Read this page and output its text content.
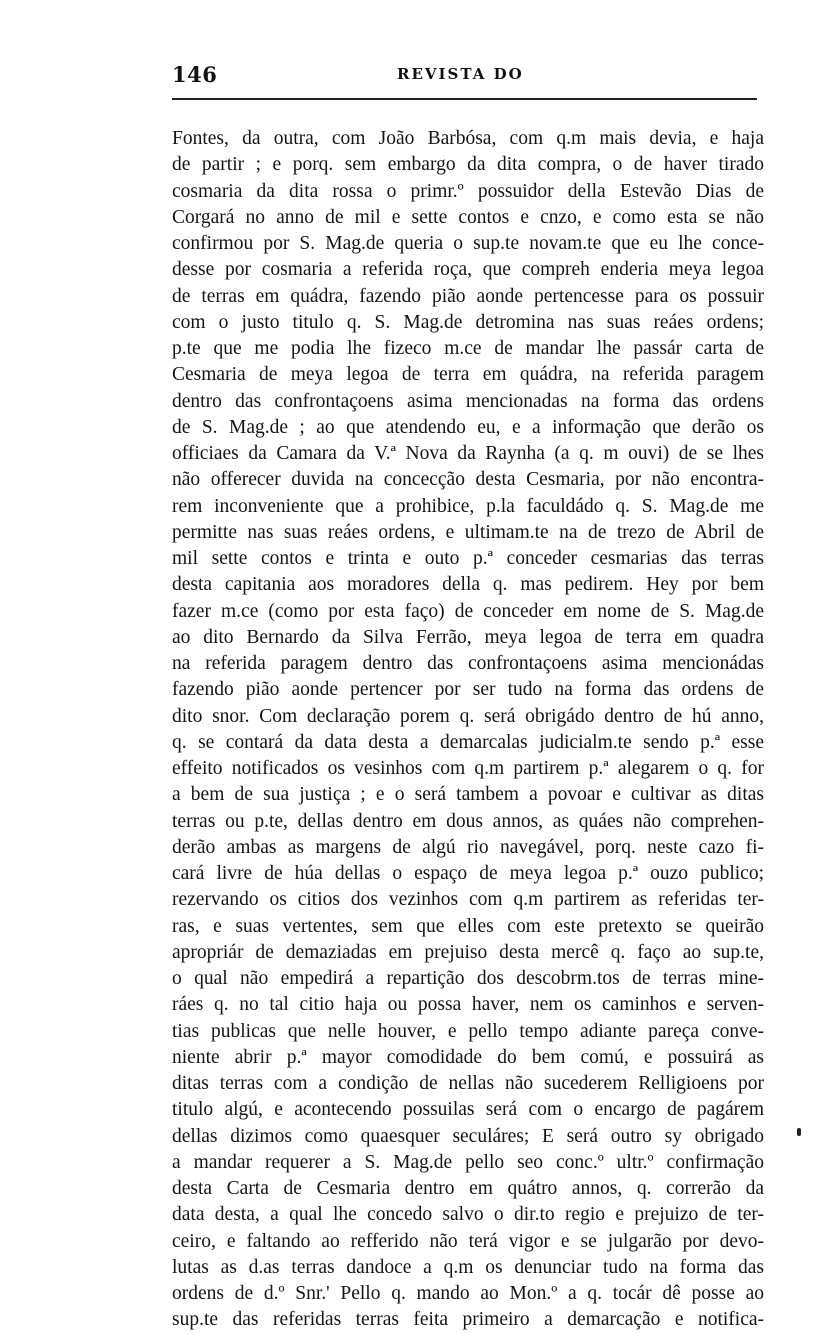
146	REVISTA DO
Fontes, da outra, com João Barbósa, com q.m mais devia, e haja
de partir ; e porq. sem embargo da dita compra, o de haver tirado
cosmaria da dita rossa o primr.º possuidor della Estevão Dias de
Corgará no anno de mil e sette contos e cnzo, e como esta se não
confirmou por S. Mag.de queria o sup.te novam.te que eu lhe conce-
desse por cosmaria a referida roça, que compreh enderia meya legoa
de terras em quádra, fazendo pião aonde pertencesse para os possuir
com o justo titulo q. S. Mag.de detromina nas suas reáes ordens;
p.te que me podia lhe fizeco m.ce de mandar lhe passár carta de
Cesmaria de meya legoa de terra em quádra, na referida paragem
dentro das confrontaçoens asima mencionadas na forma das ordens
de S. Mag.de ; ao que atendendo eu, e a informação que derão os
officiaes da Camara da V.ª Nova da Raynha (a q. m ouvi) de se lhes
não offerecer duvida na concecção desta Cesmaria, por não encontra-
rem inconveniente que a prohibice, p.la faculdádo q. S. Mag.de me
permitte nas suas reáes ordens, e ultimam.te na de trezo de Abril de
mil sette contos e trinta e outo p.ª conceder cesmarias das terras
desta capitania aos moradores della q. mas pedirem. Hey por bem
fazer m.ce (como por esta faço) de conceder em nome de S. Mag.de
ao dito Bernardo da Silva Ferrão, meya legoa de terra em quadra
na referida paragem dentro das confrontaçoens asima mencionádas
fazendo pião aonde pertencer por ser tudo na forma das ordens de
dito snor. Com declaração porem q. será obrigádo dentro de hú anno,
q. se contará da data desta a demarcalas judicialm.te sendo p.ª esse
effeito notificados os vesinhos com q.m partirem p.ª alegarem o q. for
a bem de sua justiça ; e o será tambem a povoar e cultivar as ditas
terras ou p.te, dellas dentro em dous annos, as quáes não comprehen-
derão ambas as margens de algú rio navegável, porq. neste cazo fi-
cará livre de húa dellas o espaço de meya legoa p.ª ouzo publico;
rezervando os citios dos vezinhos com q.m partirem as referidas ter-
ras, e suas vertentes, sem que elles com este pretexto se queirão
apropriár de demaziadas em prejuiso desta mercê q. faço ao sup.te,
o qual não empedirá a repartição dos descobrm.tos de terras mine-
ráes q. no tal citio haja ou possa haver, nem os caminhos e serven-
tias publicas que nelle houver, e pello tempo adiante pareça conve-
niente abrir p.ª mayor comodidade do bem comú, e possuirá as
ditas terras com a condição de nellas não sucederem Relligioens por
titulo algú, e acontecendo possuilas será com o encargo de pagárem
dellas dizimos como quaesquer seculáres; E será outro sy obrigado
a mandar requerer a S. Mag.de pello seo conc.º ultr.º confirmação
desta Carta de Cesmaria dentro em quátro annos, q. correrão da
data desta, a qual lhe concedo salvo o dir.to regio e prejuizo de ter-
ceiro, e faltando ao refferido não terá vigor e se julgarão por devo-
lutas as d.as terras dandoce a q.m os denunciar tudo na forma das
ordens de d.º Snr.' Pello q. mando ao Mon.º a q. tocár dê posse ao
sup.te das referidas terras feita primeiro a demarcação e notifica-
